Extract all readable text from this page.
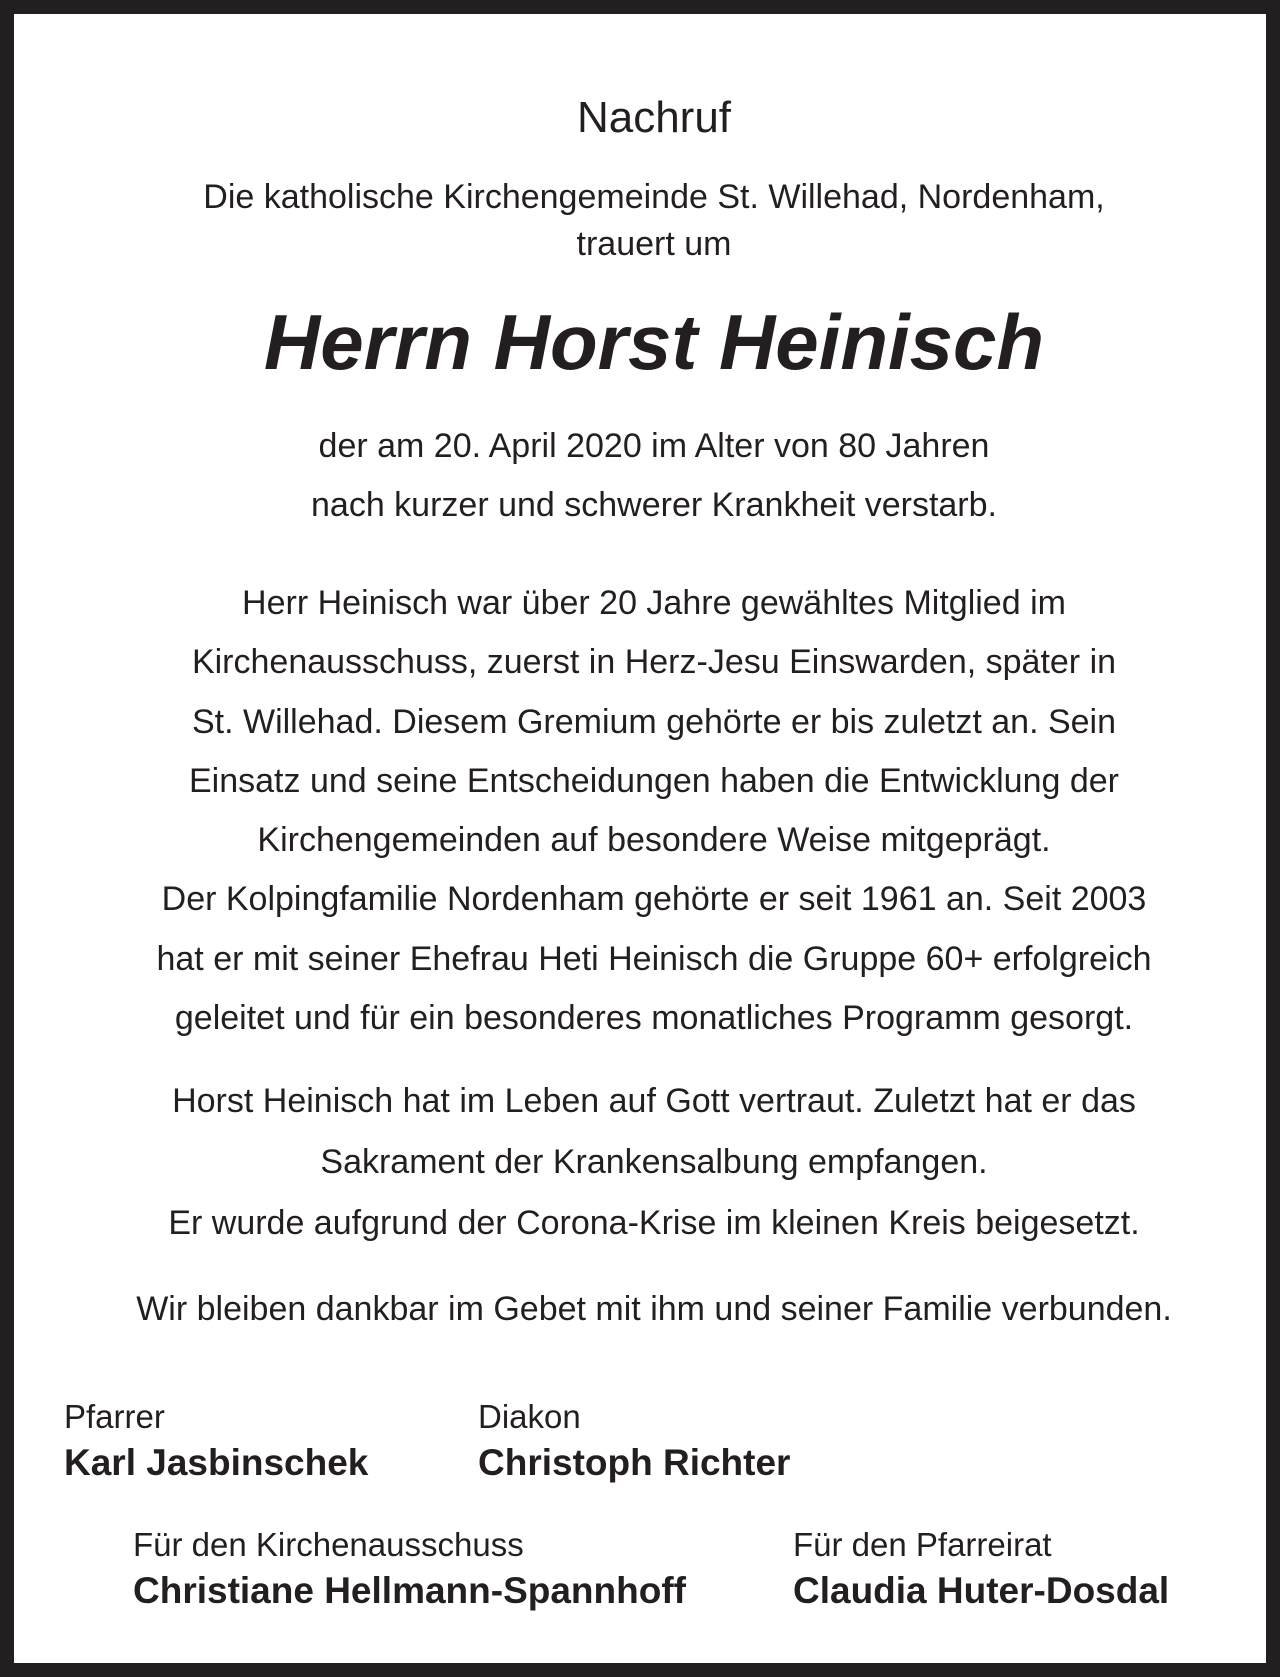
Nachruf
Die katholische Kirchengemeinde St. Willehad, Nordenham,
trauert um
Herrn Horst Heinisch
der am 20. April 2020 im Alter von 80 Jahren
nach kurzer und schwerer Krankheit verstarb.
Herr Heinisch war über 20 Jahre gewähltes Mitglied im
Kirchenausschuss, zuerst in Herz-Jesu Einswarden, später in
St. Willehad. Diesem Gremium gehörte er bis zuletzt an. Sein
Einsatz und seine Entscheidungen haben die Entwicklung der
Kirchengemeinden auf besondere Weise mitgeprägt.
Der Kolpingfamilie Nordenham gehörte er seit 1961 an. Seit 2003
hat er mit seiner Ehefrau Heti Heinisch die Gruppe 60+ erfolgreich
geleitet und für ein besonderes monatliches Programm gesorgt.
Horst Heinisch hat im Leben auf Gott vertraut. Zuletzt hat er das
Sakrament der Krankensalbung empfangen.
Er wurde aufgrund der Corona-Krise im kleinen Kreis beigesetzt.
Wir bleiben dankbar im Gebet mit ihm und seiner Familie verbunden.
Pfarrer
Karl Jasbinschek
Diakon
Christoph Richter
Für den Kirchenausschuss
Christiane Hellmann-Spannhoff
Für den Pfarreirat
Claudia Huter-Dosdal
